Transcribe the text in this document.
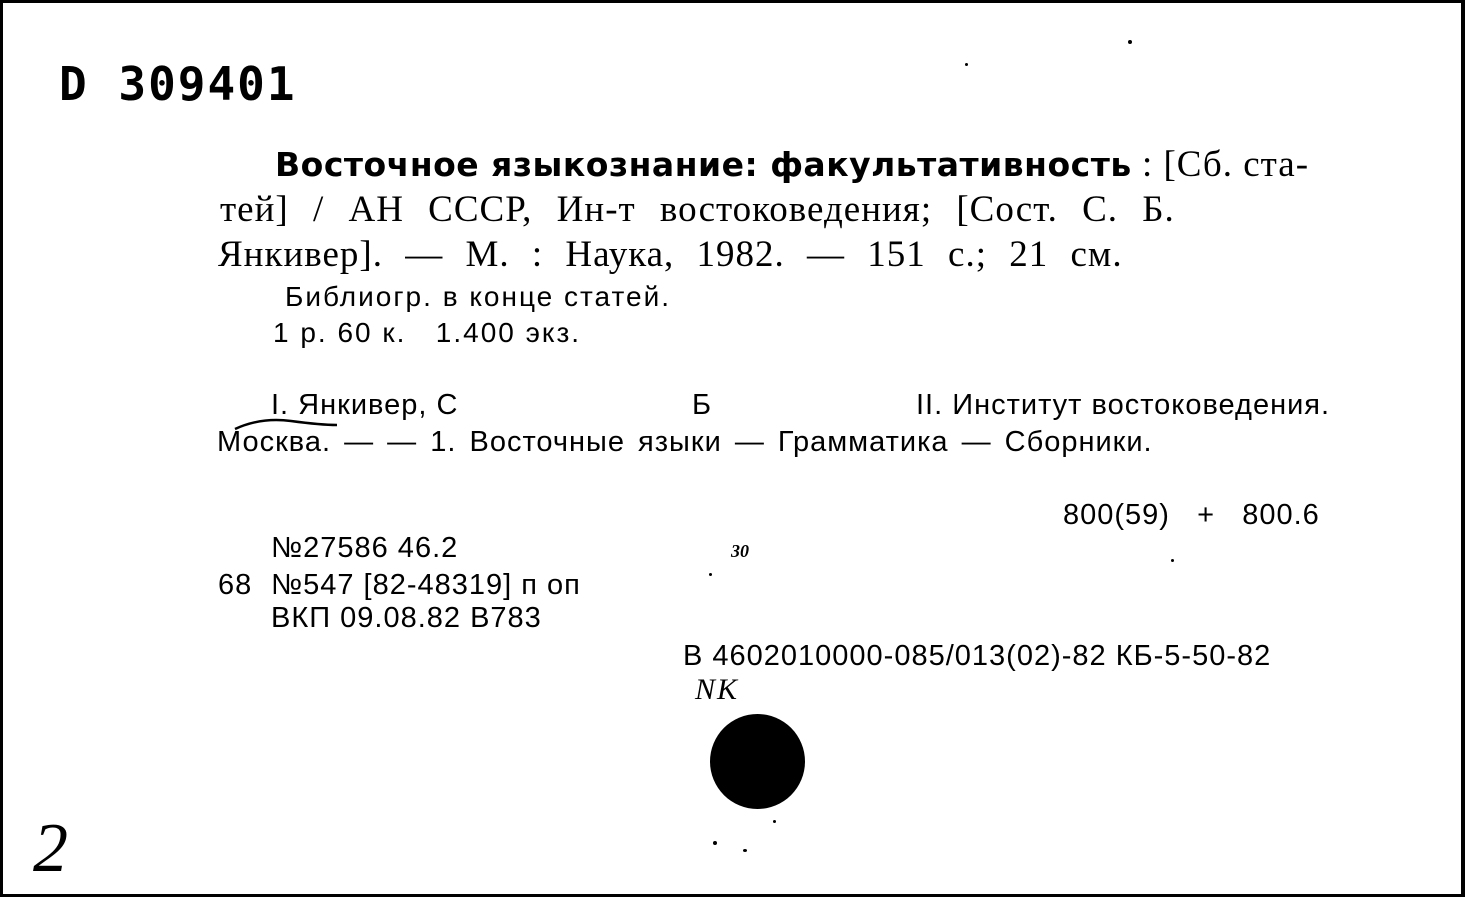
D 309401
Восточное языкознание: факультативность : [Сб. ста-
тей] / АН СССР, Ин-т востоковедения; [Сост. С. Б.
Янкивер]. — М. : Наука, 1982. — 151 с.; 21 см.
Библиогр. в конце статей.
1 р. 60 к.   1.400 экз.
I. Янкивер, С	Б	II. Институт востоковедения.
Москва. — — 1. Восточные языки — Грамматика — Сборники.
800(59)   +   800.6
№27586 46.2
68 №547 [82-48319] п оп
ВКП 09.08.82 В783
В 4602010000-085/013(02)-82 КБ-5-50-82
NK
30
2
